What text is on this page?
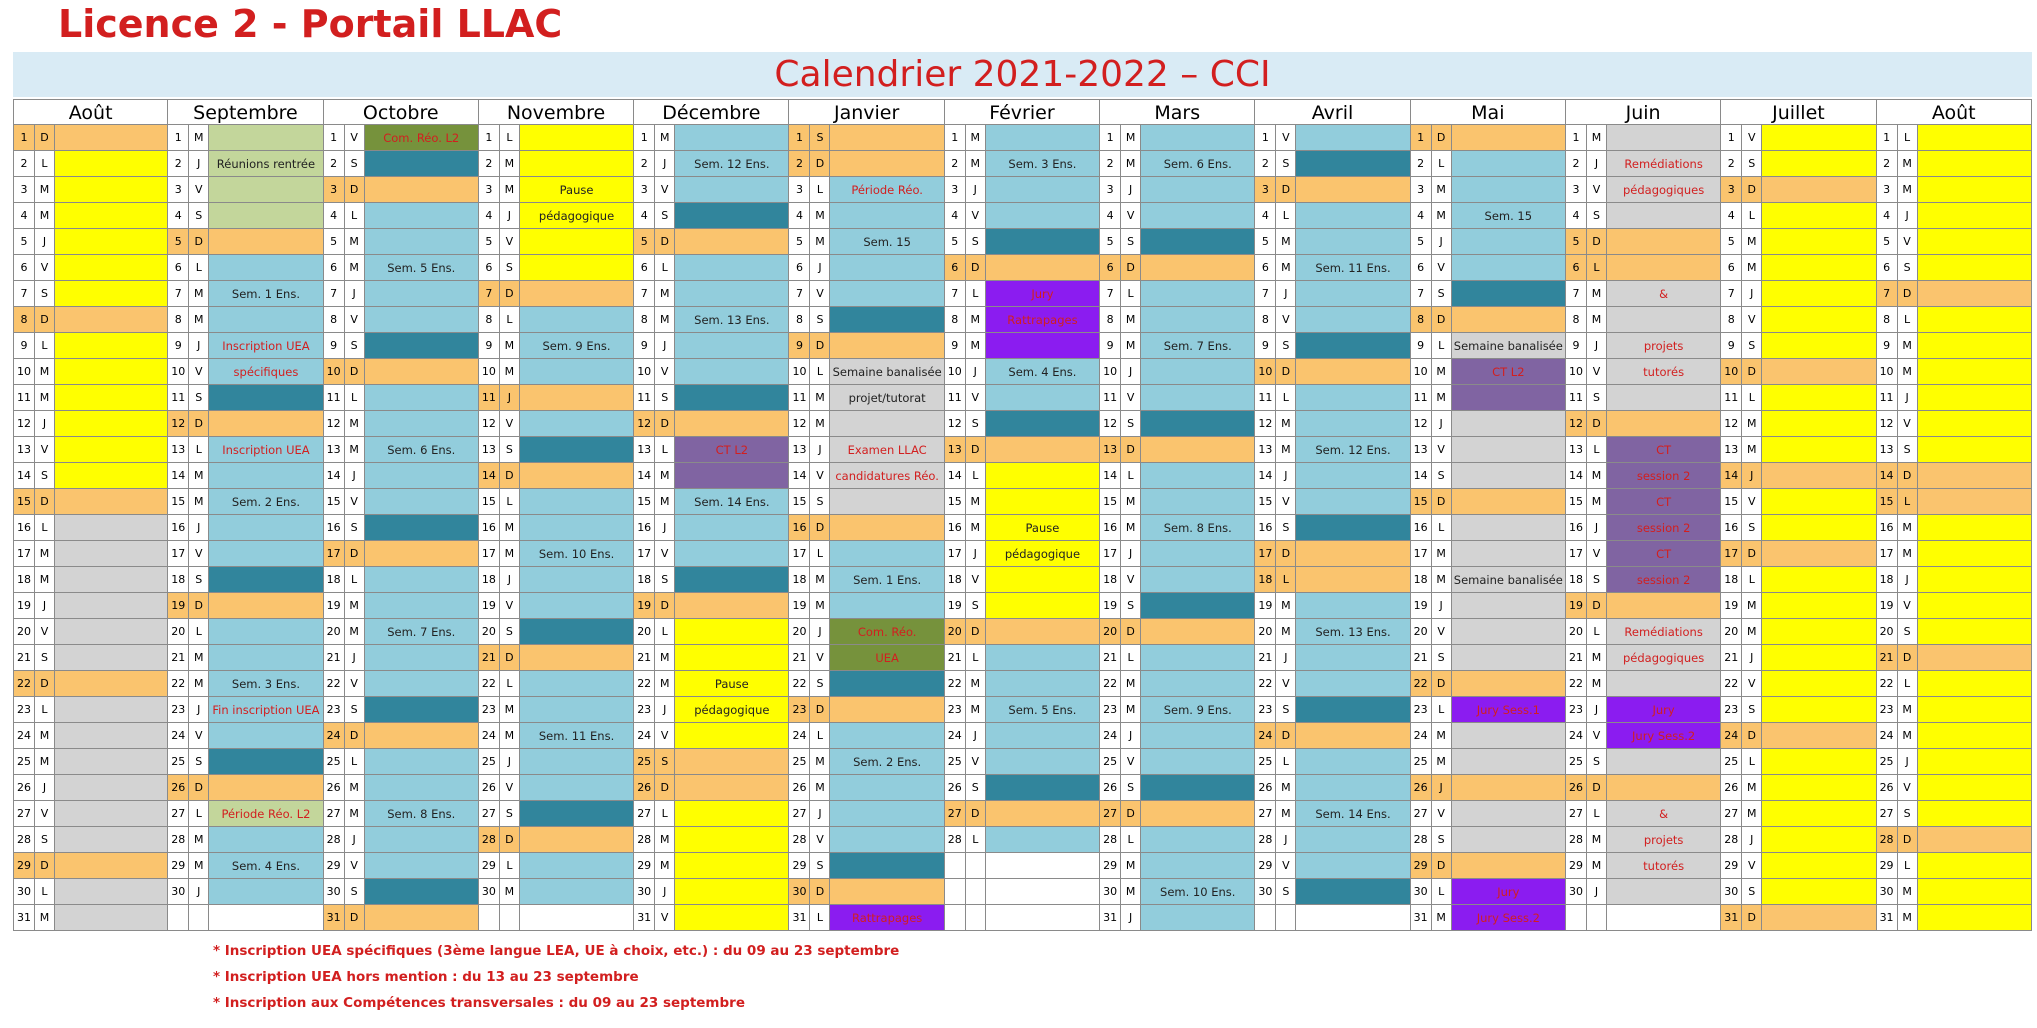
Licence 2 - Portail LLAC
Calendrier 2021-2022 – CCI
Août
1	D
2	L
3	M
4	M
5	J
6	V
7	S
8	D
9	L
10 M
11 M
12	J
13 V
14 S
15 D
16 L
17 M
18 M
19	J
20 V
21 S
22 D
23 L
24 M
25 M
26	J
27 V
28 S
29 D
30 L
31 M
Septembre
1	M
2	J	Réunions rentrée
3	V
4	S
5	D
6	L
7	M	Sem. 1 Ens.
8	M
9	J	Inscription UEA
10 V	spécifiques
11 S
12 D
13 L	Inscription UEA
14 M
15 M	Sem. 2 Ens.
16	J
17 V
18 S
19 D
20 L
21 M
22 M	Sem. 3 Ens.
23	J	Fin inscription UEA
24 V
25 S
26 D
27 L	Période Réo. L2
28 M
29 M	Sem. 4 Ens.
30	J
Octobre
1	V	Com. Réo. L2
2	S
3	D
4	L
5	M
6	M	Sem. 5 Ens.
7	J
8	V
9	S
10 D
11 L
12 M
13 M	Sem. 6 Ens.
14	J
15 V
16 S
17 D
18 L
19 M
20 M	Sem. 7 Ens.
21	J
22 V
23 S
24 D
25 L
26 M
27 M	Sem. 8 Ens.
28	J
29 V
30 S
31 D
Novembre
1	L
2	M
3	M	Pause
4	J	pédagogique
5	V
6	S
7	D
8	L
9	M	Sem. 9 Ens.
10 M
11	J
12 V
13 S
14 D
15 L
16 M
17 M	Sem. 10 Ens.
18	J
19 V
20 S
21 D
22 L
23 M
24 M	Sem. 11 Ens.
25	J
26 V
27 S
28 D
29 L
30 M
Décembre
1	M
2	J	Sem. 12 Ens.
3	V
4	S
5	D
6	L
7	M
8	M	Sem. 13 Ens.
9	J
10 V
11 S
12 D
13 L	CT L2
14 M
15 M	Sem. 14 Ens.
16	J
17 V
18 S
19 D
20 L
21 M
22 M	Pause
23	J	pédagogique
24 V
25 S
26 D
27 L
28 M
29 M
30	J
31 V
Janvier
1	S
2	D
3	L	Période Réo.
4	M
5	M	Sem. 15
6	J
7	V
8	S
9	D
10 L Semaine banalisée
11 M	projet/tutorat
12 M
13	J	Examen LLAC
14 V	candidatures Réo.
15 S
16 D
17 L
18 M	Sem. 1 Ens.
19 M
20	J	Com. Réo.
21 V	UEA
22 S
23 D
24 L
25 M	Sem. 2 Ens.
26 M
27	J
28 V
29 S
30 D
31 L	Rattrapages
Février
1	M
2	M	Sem. 3 Ens.
3	J
4	V
5	S
6	D
7	L	Jury
8	M	Rattrapages
9	M
10	J	Sem. 4 Ens.
11 V
12 S
13 D
14 L
15 M
16 M	Pause
17	J	pédagogique
18 V
19 S
20 D
21 L
22 M
23 M	Sem. 5 Ens.
24	J
25 V
26 S
27 D
28 L
Mars
1	M
2	M	Sem. 6 Ens.
3	J
4	V
5	S
6	D
7	L
8	M
9	M	Sem. 7 Ens.
10	J
11 V
12 S
13 D
14 L
15 M
16 M	Sem. 8 Ens.
17	J
18 V
19 S
20 D
21 L
22 M
23 M	Sem. 9 Ens.
24	J
25 V
26 S
27 D
28 L
29 M
30 M	Sem. 10 Ens.
31	J
Avril
1	V
2	S
3	D
4	L
5	M
6	M	Sem. 11 Ens.
7	J
8	V
9	S
10 D
11 L
12 M
13 M	Sem. 12 Ens.
14	J
15 V
16 S
17 D
18 L
19 M
20 M	Sem. 13 Ens.
21	J
22 V
23 S
24 D
25 L
26 M
27 M	Sem. 14 Ens.
28	J
29 V
30 S
Mai
1	D
2	L
3	M
4	M	Sem. 15
5	J
6	V
7	S
8	D
9	L Semaine banalisée
10 M	CT L2
11 M
12	J
13 V
14 S
15 D
16 L
17 M
18 M Semaine banalisée
19	J
20 V
21 S
22 D
23 L	Jury Sess.1
24 M
25 M
26	J
27 V
28 S
29 D
30 L	Jury
31 M	Jury Sess.2
Juin
1	M
2	J	Remédiations
3	V	pédagogiques
4	S
5	D
6	L
7	M	&
8	M
9	J	projets
10 V	tutorés
11 S
12 D
13 L	CT
14 M	session 2
15 M	CT
16	J	session 2
17 V	CT
18 S	session 2
19 D
20 L	Remédiations
21 M	pédagogiques
22 M
23	J	Jury
24 V	Jury Sess.2
25 S
26 D
27 L	&
28 M	projets
29 M	tutorés
30	J
Juillet
1	V
2	S
3	D
4	L
5	M
6	M
7	J
8	V
9	S
10 D
11 L
12 M
13 M
14	J
15 V
16 S
17 D
18 L
19 M
20 M
21	J
22 V
23 S
24 D
25 L
26 M
27 M
28	J
29 V
30 S
31 D
Août
1	L
2	M
3	M
4	J
5	V
6	S
7	D
8	L
9	M
10 M
11	J
12 V
13 S
14 D
15 L
16 M
17 M
18	J
19 V
20 S
21 D
22 L
23 M
24 M
25	J
26 V
27 S
28 D
29 L
30 M
31 M
* Inscription UEA spécifiques (3ème langue LEA, UE à choix, etc.) : du 09 au 23 septembre
* Inscription UEA hors mention : du 13 au 23 septembre
* Inscription aux Compétences transversales : du 09 au 23 septembre
